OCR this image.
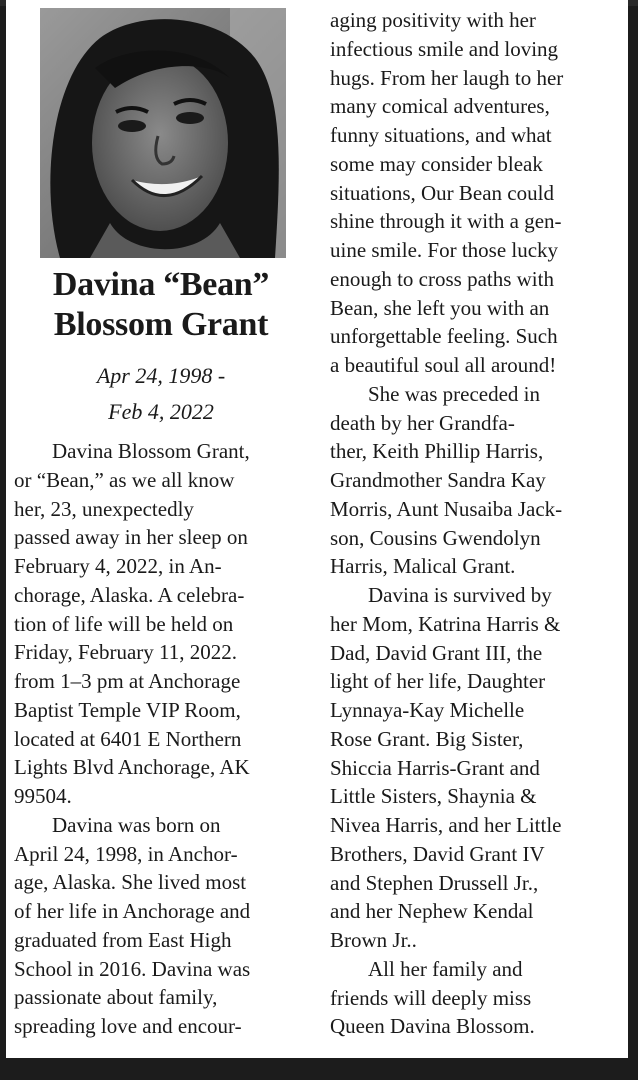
Davina “Bean”
Blossom Grant
Apr 24, 1998 -
Feb 4, 2022
Davina Blossom Grant,
or “Bean,” as we all know
her, 23, unexpectedly
passed away in her sleep on
February 4, 2022, in An-
chorage, Alaska. A celebra-
tion of life will be held on
Friday, February 11, 2022.
from 1–3 pm at Anchorage
Baptist Temple VIP Room,
located at 6401 E Northern
Lights Blvd Anchorage, AK
99504.
Davina was born on
April 24, 1998, in Anchor-
age, Alaska. She lived most
of her life in Anchorage and
graduated from East High
School in 2016. Davina was
passionate about family,
spreading love and encour-
aging positivity with her
infectious smile and loving
hugs. From her laugh to her
many comical adventures,
funny situations, and what
some may consider bleak
situations, Our Bean could
shine through it with a gen-
uine smile. For those lucky
enough to cross paths with
Bean, she left you with an
unforgettable feeling. Such
a beautiful soul all around!
She was preceded in
death by her Grandfa-
ther, Keith Phillip Harris,
Grandmother Sandra Kay
Morris, Aunt Nusaiba Jack-
son, Cousins Gwendolyn
Harris, Malical Grant.
Davina is survived by
her Mom, Katrina Harris &
Dad, David Grant III, the
light of her life, Daughter
Lynnaya-Kay Michelle
Rose Grant. Big Sister,
Shiccia Harris-Grant and
Little Sisters, Shaynia &
Nivea Harris, and her Little
Brothers, David Grant IV
and Stephen Drussell Jr.,
and her Nephew Kendal
Brown Jr..
All her family and
friends will deeply miss
Queen Davina Blossom.
